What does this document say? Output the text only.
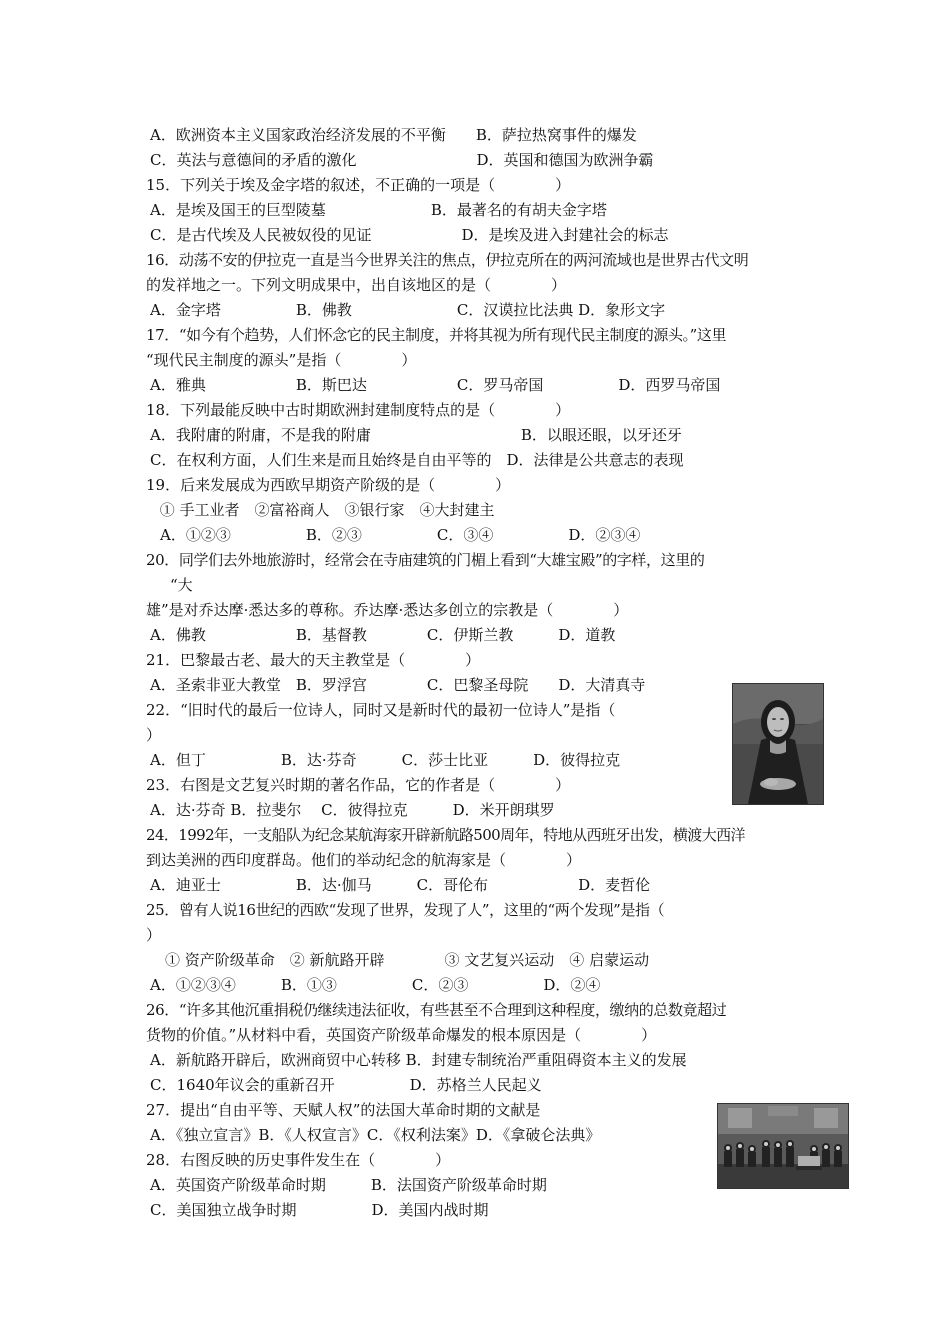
A．欧洲资本主义国家政治经济发展的不平衡　　B．萨拉热窝事件的爆发
C．英法与意德间的矛盾的激化　　　　　　　　D．英国和德国为欧洲争霸
15．下列关于埃及金字塔的叙述，不正确的一项是（　　　　）
A．是埃及国王的巨型陵墓　　　　　　　B．最著名的有胡夫金字塔
C．是古代埃及人民被奴役的见证　　　　　　D．是埃及进入封建社会的标志
16．动荡不安的伊拉克一直是当今世界关注的焦点，伊拉克所在的两河流域也是世界古代文明
的发祥地之一。下列文明成果中，出自该地区的是（　　　　）
A．金字塔　　　　　B．佛教　　　　　　　C．汉谟拉比法典 D．象形文字
17．“如今有个趋势，人们怀念它的民主制度，并将其视为所有现代民主制度的源头。”这里
“现代民主制度的源头”是指（　　　　）
A．雅典　　　　　　B．斯巴达　　　　　　C．罗马帝国　　　　　D．西罗马帝国
18．下列最能反映中古时期欧洲封建制度特点的是（　　　　）
A．我附庸的附庸，不是我的附庸　　　　　　　　　　B．以眼还眼，以牙还牙
C．在权利方面，人们生来是而且始终是自由平等的　D．法律是公共意志的表现
19．后来发展成为西欧早期资产阶级的是（　　　　）
① 手工业者　②富裕商人　③银行家　④大封建主
A．①②③　　　　　B．②③　　　　　C．③④　　　　　D．②③④
20．同学们去外地旅游时，经常会在寺庙建筑的门楣上看到“大雄宝殿”的字样，这里的
“大
雄”是对乔达摩·悉达多的尊称。乔达摩·悉达多创立的宗教是（　　　　）
A．佛教　　　　　　B．基督教　　　　C．伊斯兰教　　　D．道教
21．巴黎最古老、最大的天主教堂是（　　　　）
A．圣索非亚大教堂　B．罗浮宫　　　　C．巴黎圣母院　　D．大清真寺
22．“旧时代的最后一位诗人，同时又是新时代的最初一位诗人”是指（
）
A．但丁　　　　　B．达·芬奇　　　C．莎士比亚　　　D．彼得拉克
23．右图是文艺复兴时期的著名作品，它的作者是（　　　　）
A．达·芬奇 B．拉斐尔　 C．彼得拉克　　　D．米开朗琪罗
24．1992年，一支船队为纪念某航海家开辟新航路500周年，特地从西班牙出发，横渡大西洋
到达美洲的西印度群岛。他们的举动纪念的航海家是（　　　　）
A．迪亚士　　　　　B．达·伽马　　　C．哥伦布　　　　　　D．麦哲伦
25．曾有人说16世纪的西欧“发现了世界，发现了人”，这里的“两个发现”是指（
）
　① 资产阶级革命　② 新航路开辟　　　　③ 文艺复兴运动　④ 启蒙运动
A．①②③④　　　B．①③　　　　　C．②③　　　　　D．②④
26．“许多其他沉重捐税仍继续违法征收，有些甚至不合理到这种程度，缴纳的总数竟超过
货物的价值。”从材料中看，英国资产阶级革命爆发的根本原因是（　　　　）
A．新航路开辟后，欧洲商贸中心转移 B．封建专制统治严重阻碍资本主义的发展
C．1640年议会的重新召开　　　　　D．苏格兰人民起义
27．提出“自由平等、天赋人权”的法国大革命时期的文献是
A．《独立宣言》B．《人权宣言》C．《权利法案》D．《拿破仑法典》
28．右图反映的历史事件发生在（　　　　）
A．英国资产阶级革命时期　　　B．法国资产阶级革命时期
C．美国独立战争时期　　　　　D．美国内战时期
